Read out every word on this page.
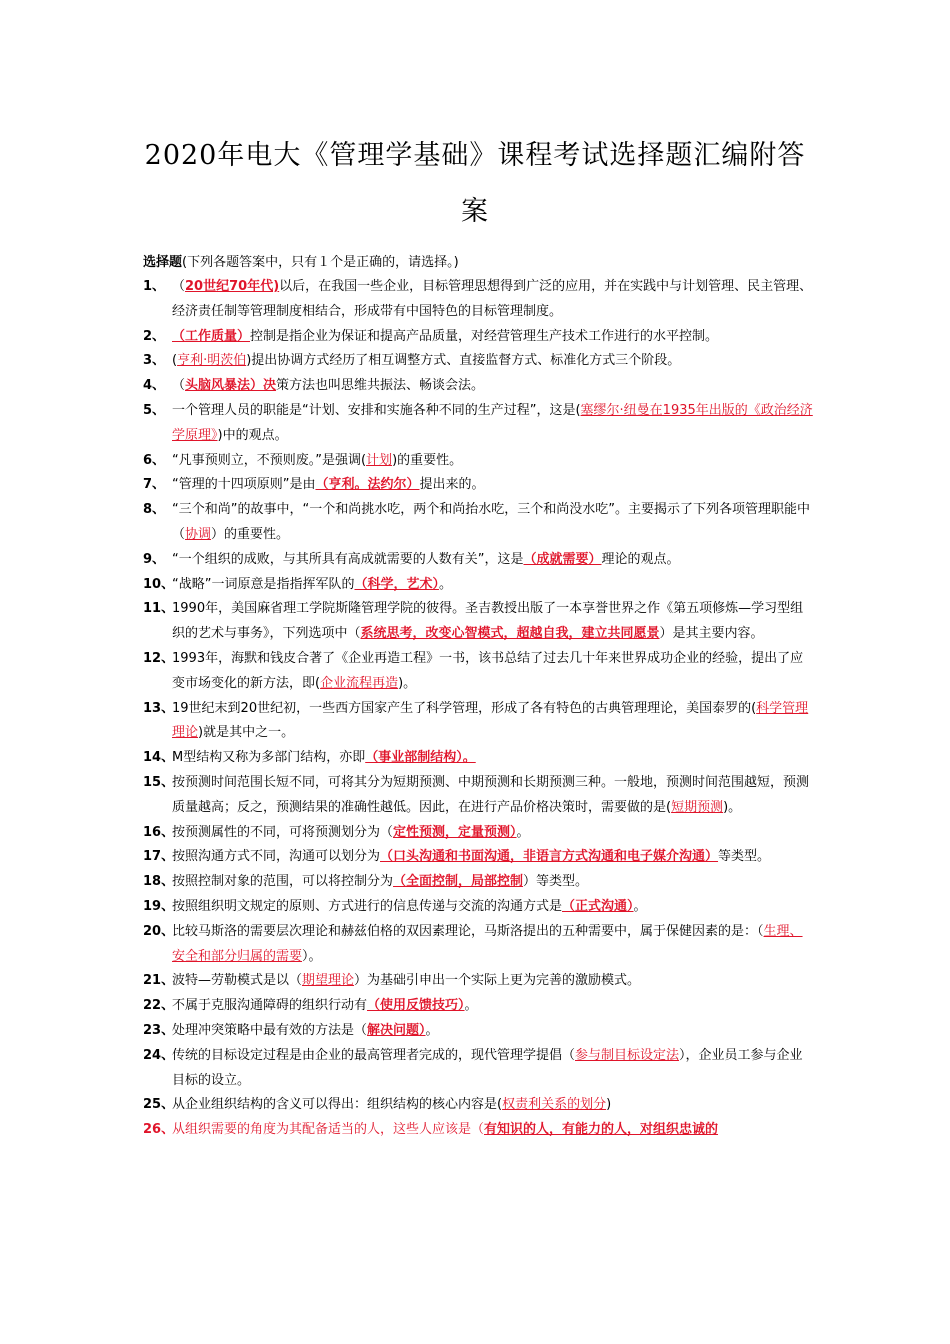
2020年电大《管理学基础》课程考试选择题汇编附答
案
选择题(下列各题答案中，只有１个是正确的，请选择。)

1、 （20世纪70年代)以后，在我国一些企业，目标管理思想得到广泛的应用，并在实践中与计划管理、民主管理、经济责任制等管理制度相结合，形成带有中国特色的目标管理制度。

2、 （工作质量）控制是指企业为保证和提高产品质量，对经营管理生产技术工作进行的水平控制。

3、 (亨利·明茨伯)提出协调方式经历了相互调整方式、直接监督方式、标准化方式三个阶段。

4、 （头脑风暴法）决策方法也叫思维共振法、畅谈会法。

5、 一个管理人员的职能是“计划、安排和实施各种不同的生产过程”，这是(塞缪尔·纽曼在1935年出版的《政治经济学原理》)中的观点。

6、 “凡事预则立，不预则废。”是强调(计划)的重要性。

7、 “管理的十四项原则”是由（亨利。法约尔）提出来的。

8、 “三个和尚”的故事中，“一个和尚挑水吃，两个和尚抬水吃，三个和尚没水吃”。主要揭示了下列各项管理职能中（协调）的重要性。

9、 “一个组织的成败，与其所具有高成就需要的人数有关”，这是（成就需要）理论的观点。

10、
“战略”一词原意是指指挥军队的（科学，艺术）。

11、
1990年，美国麻省理工学院斯隆管理学院的彼得。圣吉教授出版了一本享誉世界之作《第五项修炼—学习型组织的艺术与事务》，下列选项中（系统思考，改变心智模式，超越自我，建立共同愿景）是其主要内容。

12、
1993年，海默和钱皮合著了《企业再造工程》一书，该书总结了过去几十年来世界成功企业的经验，提出了应变市场变化的新方法，即(企业流程再造)。

13、
19世纪末到20世纪初，一些西方国家产生了科学管理，形成了各有特色的古典管理理论，美国泰罗的(科学管理理论)就是其中之一。

14、
M型结构又称为多部门结构，亦即（事业部制结构）。

15、
按预测时间范围长短不同，可将其分为短期预测、中期预测和长期预测三种。一般地，预测时间范围越短，预测质量越高；反之，预测结果的准确性越低。因此，在进行产品价格决策时，需要做的是(短期预测)。

16、
按预测属性的不同，可将预测划分为（定性预测，定量预测）。

17、
按照沟通方式不同，沟通可以划分为（口头沟通和书面沟通，非语言方式沟通和电子媒介沟通）等类型。

18、
按照控制对象的范围，可以将控制分为（全面控制，局部控制）等类型。

19、
按照组织明文规定的原则、方式进行的信息传递与交流的沟通方式是（正式沟通）。

20、
比较马斯洛的需要层次理论和赫兹伯格的双因素理论，马斯洛提出的五种需要中，属于保健因素的是：（生理、安全和部分归属的需要）。

21、
波特—劳勒模式是以（期望理论）为基础引申出一个实际上更为完善的激励模式。

22、
不属于克服沟通障碍的组织行动有（使用反馈技巧）。

23、
处理冲突策略中最有效的方法是（解决问题）。

24、
传统的目标设定过程是由企业的最高管理者完成的，现代管理学提倡（参与制目标设定法），企业员工参与企业目标的设立。

25、
从企业组织结构的含义可以得出：组织结构的核心内容是(权责利关系的划分)

26、
从组织需要的角度为其配备适当的人，这些人应该是（有知识的人，有能力的人，对组织忠诚的
